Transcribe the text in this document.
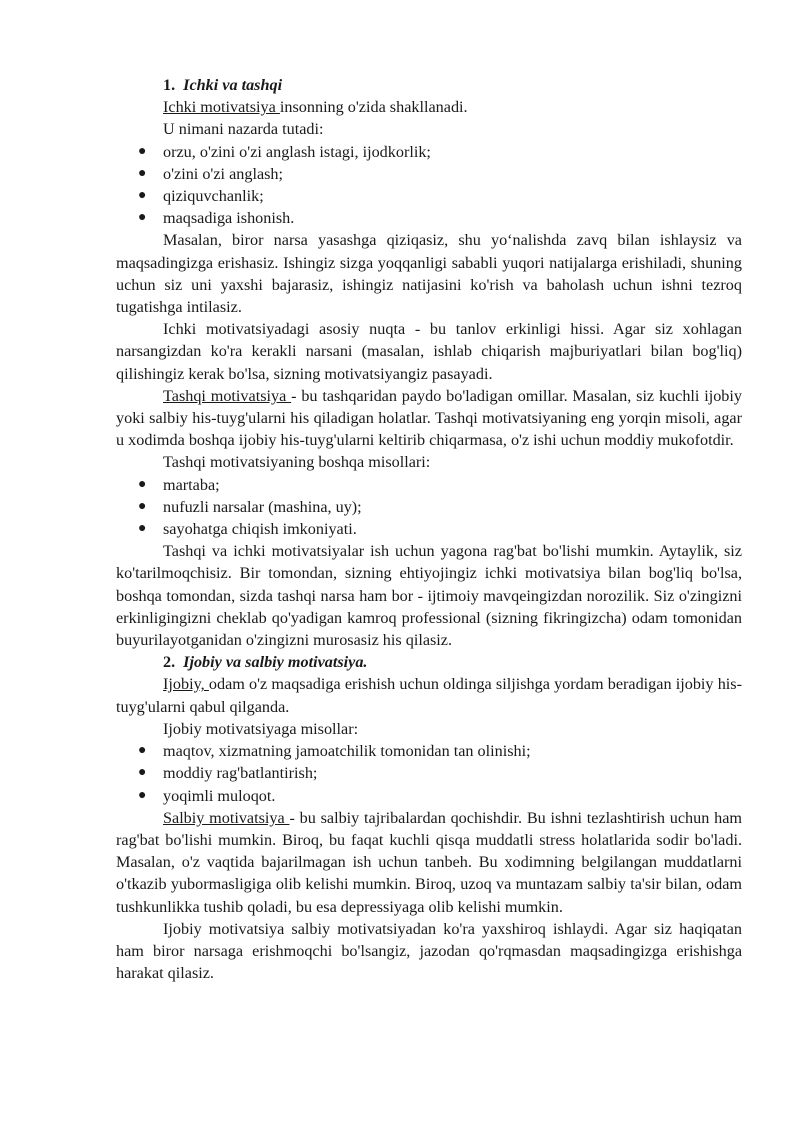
1. Ichki va tashqi

Ichki motivatsiya insonning o'zida shakllanadi.

U nimani nazarda tutadi:

● orzu, o'zini o'zi anglash istagi, ijodkorlik;
● o'zini o'zi anglash;
● qiziquvchanlik;
● maqsadiga ishonish.

Masalan, biror narsa yasashga qiziqasiz, shu yo‘nalishda zavq bilan ishlaysiz va maqsadingizga erishasiz. Ishingiz sizga yoqqanligi sababli yuqori natijalarga erishiladi, shuning uchun siz uni yaxshi bajarasiz, ishingiz natijasini ko'rish va baholash uchun ishni tezroq tugatishga intilasiz.

Ichki motivatsiyadagi asosiy nuqta - bu tanlov erkinligi hissi. Agar siz xohlagan narsangizdan ko'ra kerakli narsani (masalan, ishlab chiqarish majburiyatlari bilan bog'liq) qilishingiz kerak bo'lsa, sizning motivatsiyangiz pasayadi.

Tashqi motivatsiya - bu tashqaridan paydo bo'ladigan omillar. Masalan, siz kuchli ijobiy yoki salbiy his-tuyg'ularni his qiladigan holatlar. Tashqi motivatsiyaning eng yorqin misoli, agar u xodimda boshqa ijobiy his-tuyg'ularni keltirib chiqarmasa, o'z ishi uchun moddiy mukofotdir.

Tashqi motivatsiyaning boshqa misollari:

● martaba;
● nufuzli narsalar (mashina, uy);
● sayohatga chiqish imkoniyati.

Tashqi va ichki motivatsiyalar ish uchun yagona rag'bat bo'lishi mumkin. Aytaylik, siz ko'tarilmoqchisiz. Bir tomondan, sizning ehtiyojingiz ichki motivatsiya bilan bog'liq bo'lsa, boshqa tomondan, sizda tashqi narsa ham bor - ijtimoiy mavqeingizdan norozilik. Siz o'zingizni erkinligingizni cheklab qo'yadigan kamroq professional (sizning fikringizcha) odam tomonidan buyurilayotganidan o'zingizni murosasiz his qilasiz.

2. Ijobiy va salbiy motivatsiya.

Ijobiy, odam o'z maqsadiga erishish uchun oldinga siljishga yordam beradigan ijobiy his-tuyg'ularni qabul qilganda.

Ijobiy motivatsiyaga misollar:

● maqtov, xizmatning jamoatchilik tomonidan tan olinishi;
● moddiy rag'batlantirish;
● yoqimli muloqot.

Salbiy motivatsiya - bu salbiy tajribalardan qochishdir. Bu ishni tezlashtirish uchun ham rag'bat bo'lishi mumkin. Biroq, bu faqat kuchli qisqa muddatli stress holatlarida sodir bo'ladi. Masalan, o'z vaqtida bajarilmagan ish uchun tanbeh. Bu xodimning belgilangan muddatlarni o'tkazib yubormasligiga olib kelishi mumkin. Biroq, uzoq va muntazam salbiy ta'sir bilan, odam tushkunlikka tushib qoladi, bu esa depressiyaga olib kelishi mumkin.

Ijobiy motivatsiya salbiy motivatsiyadan ko'ra yaxshiroq ishlaydi. Agar siz haqiqatan ham biror narsaga erishmoqchi bo'lsangiz, jazodan qo'rqmasdan maqsadingizga erishishga harakat qilasiz.
